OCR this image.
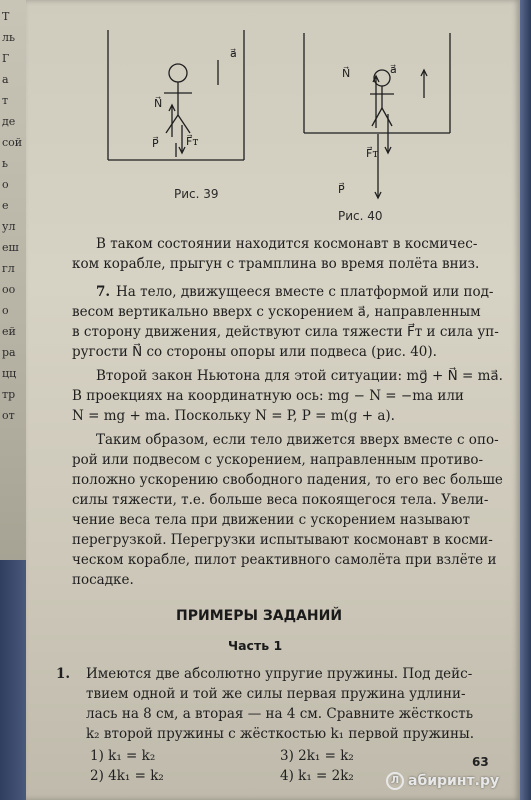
Т
ль
Г
а
т
де
сой
ь
о
е
ул
еш
гл
оо
о
ей
ра
цц
тр
от
a⃗
N⃗
P⃗ F⃗т
Рис. 39
a⃗
N⃗
F⃗т
P⃗
Рис. 40
В таком состоянии находится космонавт в космичес-
ком корабле, прыгун с трамплина во время полёта вниз.
7. На тело, движущееся вместе с платформой или под-
весом вертикально вверх с ускорением a⃗, направленным
в сторону движения, действуют сила тяжести F⃗т и сила уп-
ругости N⃗ со стороны опоры или подвеса (рис. 40).
Второй закон Ньютона для этой ситуации: mg⃗ + N⃗ = ma⃗.
В проекциях на координатную ось: mg − N = −ma или
N = mg + ma. Поскольку N = P, P = m(g + a).
Таким образом, если тело движется вверх вместе с опо-
рой или подвесом с ускорением, направленным противо-
положно ускорению свободного падения, то его вес больше
силы тяжести, т.е. больше веса покоящегося тела. Увели-
чение веса тела при движении с ускорением называют
перегрузкой. Перегрузки испытывают космонавт в косми-
ческом корабле, пилот реактивного самолёта при взлёте и
посадке.
ПРИМЕРЫ ЗАДАНИЙ
Часть 1
1. Имеются две абсолютно упругие пружины. Под дейс-
твием одной и той же силы первая пружина удлини-
лась на 8 см, а вторая — на 4 см. Сравните жёсткость
k₂ второй пружины с жёсткостью k₁ первой пружины.
1) k₁ = k₂
2) 4k₁ = k₂
3) 2k₁ = k₂
4) k₁ = 2k₂
63
Л абиринт.ру
